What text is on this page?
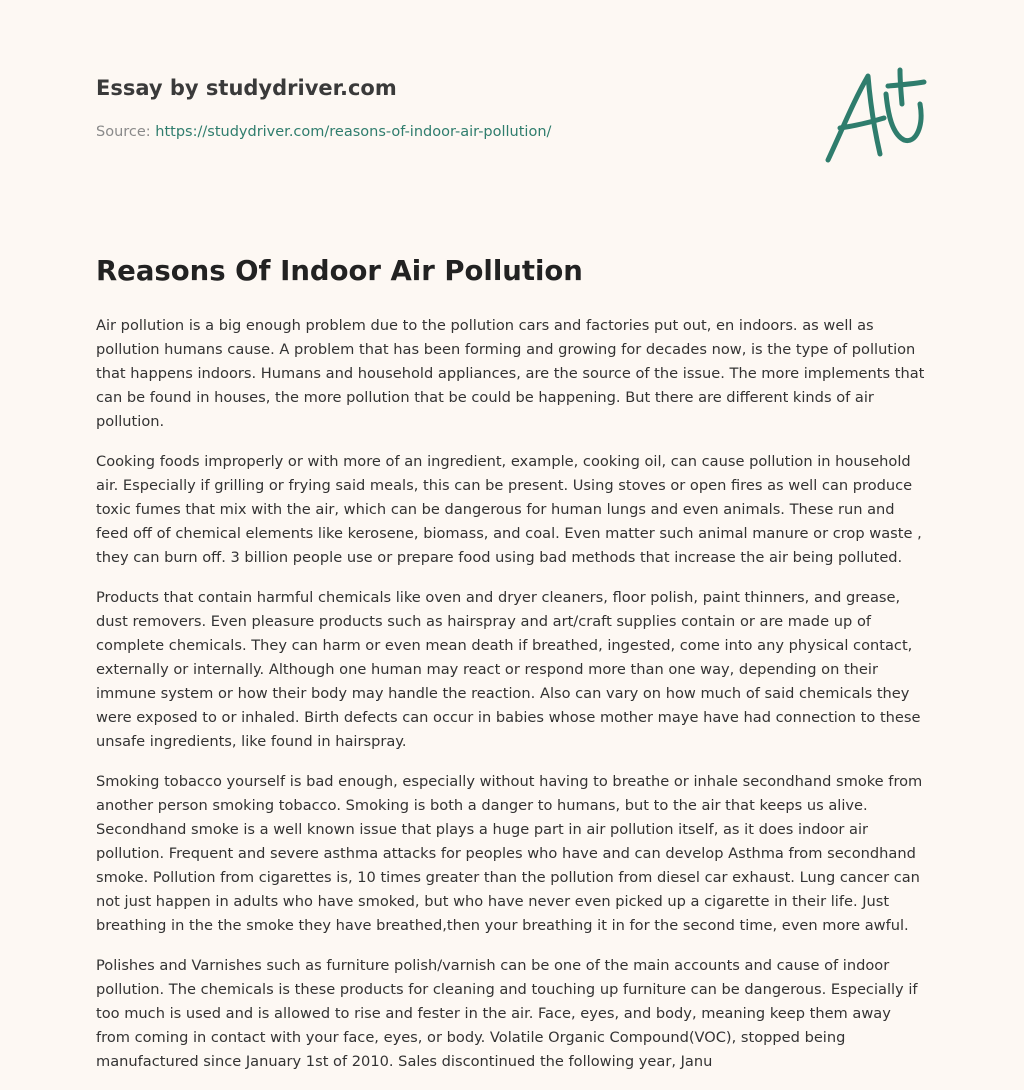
Essay by studydriver.com
Source: https://studydriver.com/reasons-of-indoor-air-pollution/
Reasons Of Indoor Air Pollution

Air pollution is a big enough problem due to the pollution cars and factories put out, en indoors. as well as pollution humans cause. A problem that has been forming and growing for decades now, is the type of pollution that happens indoors. Humans and household appliances, are the source of the issue. The more implements that can be found in houses, the more pollution that be could be happening. But there are different kinds of air pollution.

Cooking foods improperly or with more of an ingredient, example, cooking oil, can cause pollution in household air. Especially if grilling or frying said meals, this can be present. Using stoves or open fires as well can produce toxic fumes that mix with the air, which can be dangerous for human lungs and even animals. These run and feed off of chemical elements like kerosene, biomass, and coal. Even matter such animal manure or crop waste , they can burn off. 3 billion people use or prepare food using bad methods that increase the air being polluted.

Products that contain harmful chemicals like oven and dryer cleaners, floor polish, paint thinners, and grease, dust removers. Even pleasure products such as hairspray and art/craft supplies contain or are made up of complete chemicals. They can harm or even mean death if breathed, ingested, come into any physical contact, externally or internally. Although one human may react or respond more than one way, depending on their immune system or how their body may handle the reaction. Also can vary on how much of said chemicals they were exposed to or inhaled. Birth defects can occur in babies whose mother maye have had connection to these unsafe ingredients, like found in hairspray.

Smoking tobacco yourself is bad enough, especially without having to breathe or inhale secondhand smoke from another person smoking tobacco. Smoking is both a danger to humans, but to the air that keeps us alive. Secondhand smoke is a well known issue that plays a huge part in air pollution itself, as it does indoor air pollution. Frequent and severe asthma attacks for peoples who have and can develop Asthma from secondhand smoke. Pollution from cigarettes is, 10 times greater than the pollution from diesel car exhaust. Lung cancer can not just happen in adults who have smoked, but who have never even picked up a cigarette in their life. Just breathing in the the smoke they have breathed,then your breathing it in for the second time, even more awful.

Polishes and Varnishes such as furniture polish/varnish can be one of the main accounts and cause of indoor pollution. The chemicals is these products for cleaning and touching up furniture can be dangerous. Especially if too much is used and is allowed to rise and fester in the air. Face, eyes, and body, meaning keep them away from coming in contact with your face, eyes, or body. Volatile Organic Compound(VOC), stopped being manufactured since January 1st of 2010. Sales discontinued the following year, Janu
